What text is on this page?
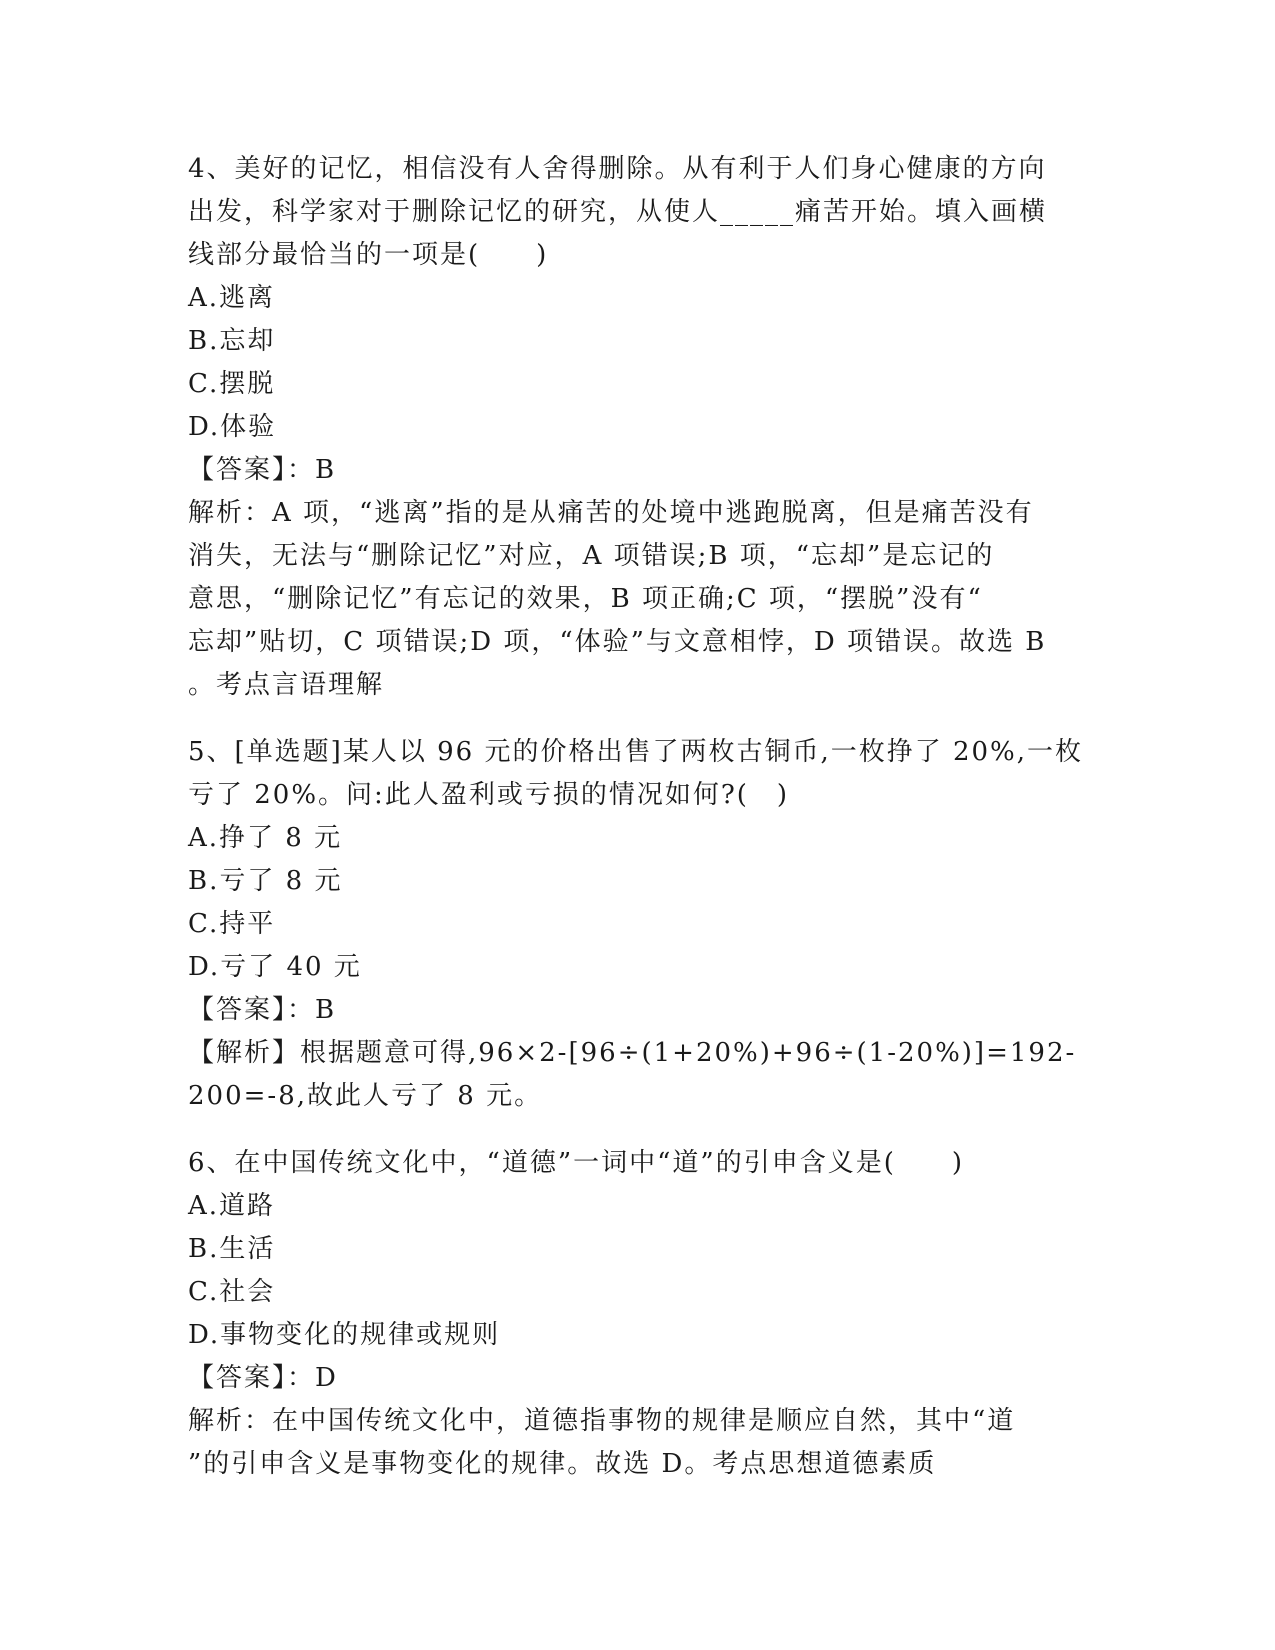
4、美好的记忆，相信没有人舍得删除。从有利于人们身心健康的方向
出发，科学家对于删除记忆的研究，从使人_____痛苦开始。填入画横
线部分最恰当的一项是(　　)
A.逃离
B.忘却
C.摆脱
D.体验
【答案】：B
解析：A 项，“逃离”指的是从痛苦的处境中逃跑脱离，但是痛苦没有
消失，无法与“删除记忆”对应，A 项错误;B 项，“忘却”是忘记的
意思，“删除记忆”有忘记的效果，B 项正确;C 项，“摆脱”没有“
忘却”贴切，C 项错误;D 项，“体验”与文意相悖，D 项错误。故选 B
。考点言语理解
5、[单选题]某人以 96 元的价格出售了两枚古铜币,一枚挣了 20%,一枚
亏了 20%。问:此人盈利或亏损的情况如何?(　)
A.挣了 8 元
B.亏了 8 元
C.持平
D.亏了 40 元
【答案】：B
【解析】根据题意可得,96×2-[96÷(1+20%)+96÷(1-20%)]=192-
200=-8,故此人亏了 8 元。
6、在中国传统文化中，“道德”一词中“道”的引申含义是(　　)
A.道路
B.生活
C.社会
D.事物变化的规律或规则
【答案】：D
解析：在中国传统文化中，道德指事物的规律是顺应自然，其中“道
”的引申含义是事物变化的规律。故选 D。考点思想道德素质
